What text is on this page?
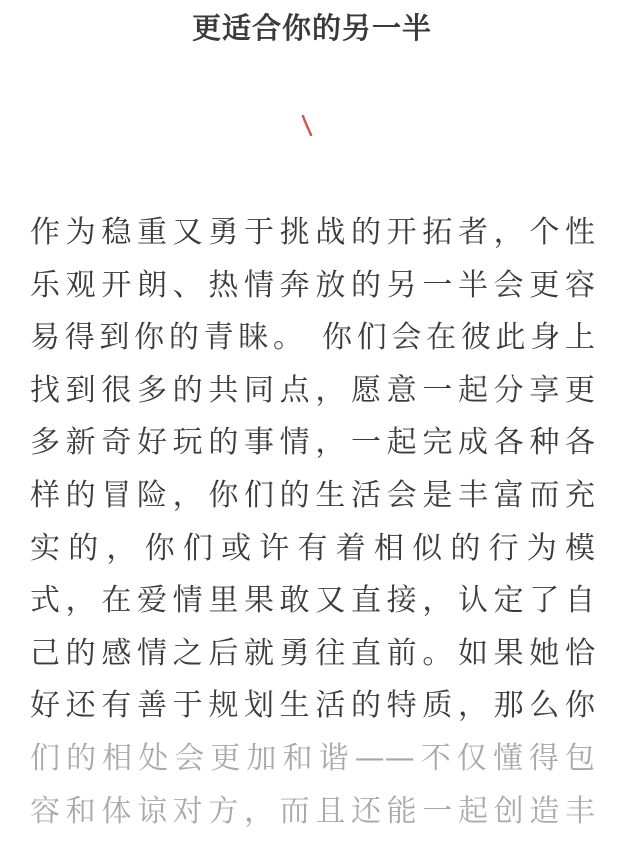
更适合你的另一半
作为稳重又勇于挑战的开拓者，个性
乐观开朗、热情奔放的另一半会更容
易得到你的青睐。 你们会在彼此身上
找到很多的共同点，愿意一起分享更
多新奇好玩的事情，一起完成各种各
样的冒险，你们的生活会是丰富而充
实的，你们或许有着相似的行为模
式，在爱情里果敢又直接，认定了自
己的感情之后就勇往直前。如果她恰
好还有善于规划生活的特质，那么你
们的相处会更加和谐——不仅懂得包
容和体谅对方，而且还能一起创造丰
